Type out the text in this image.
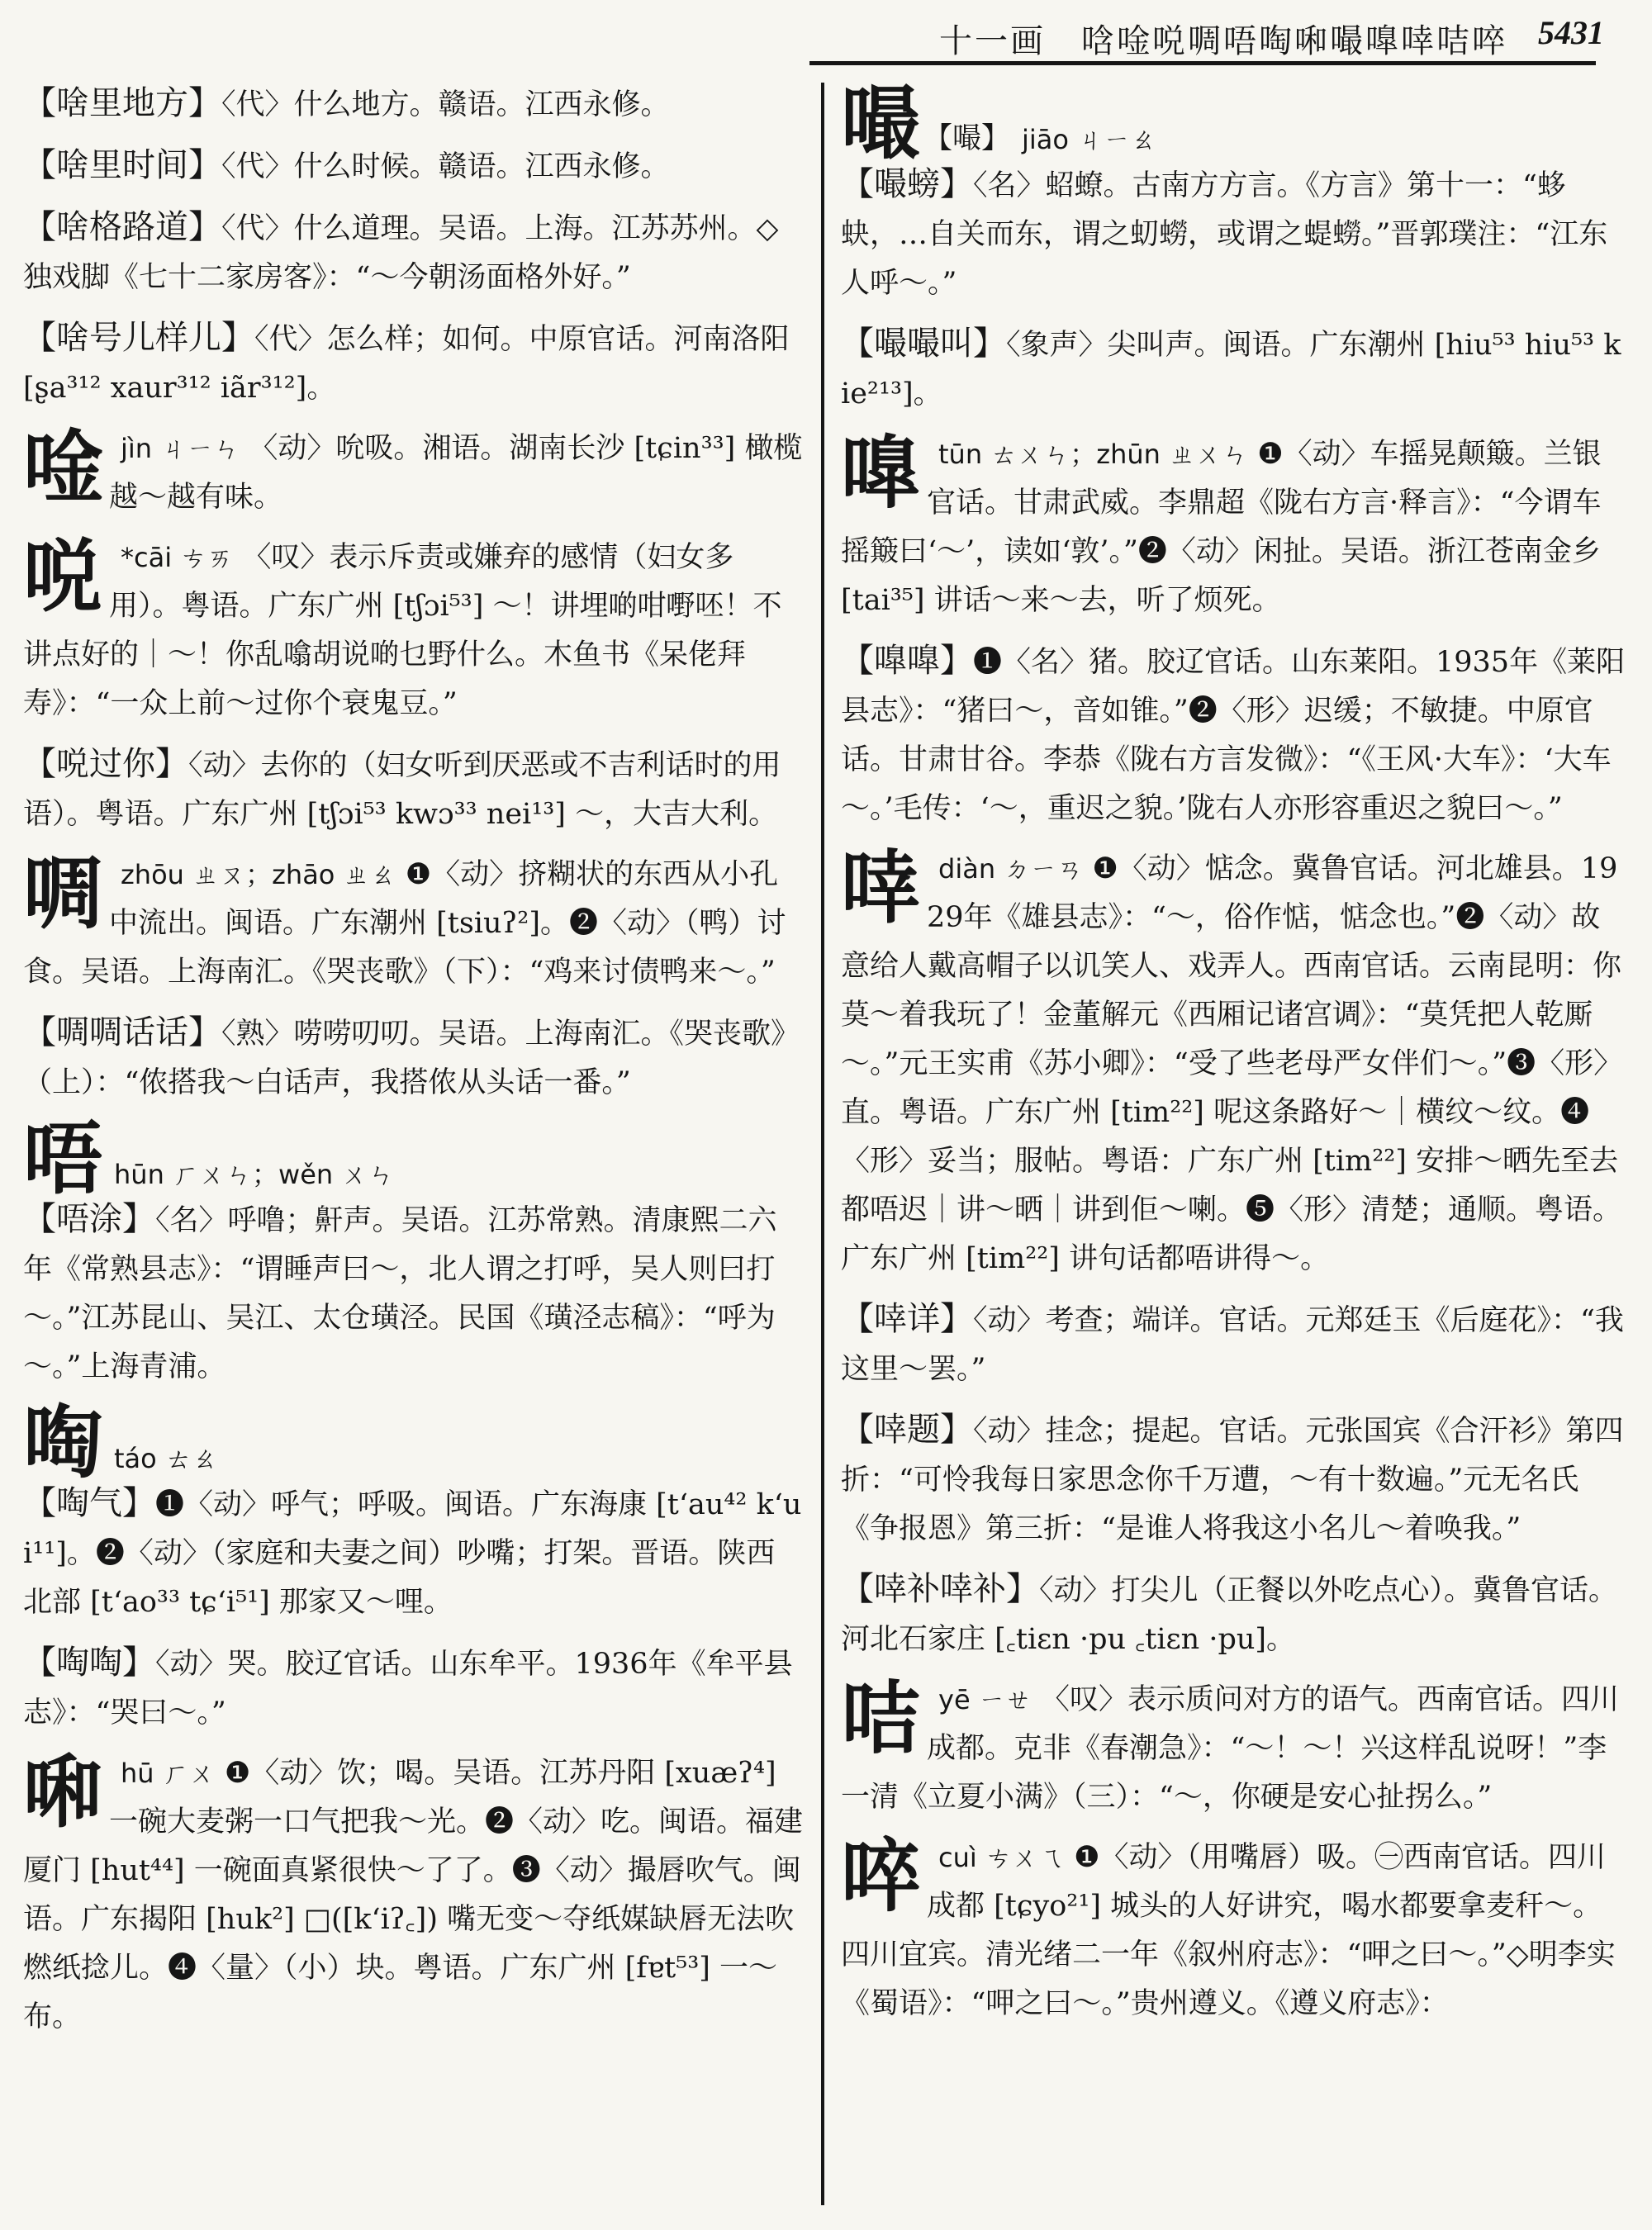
十一画　唅唫哾啁唔啕啝嘬嘷啈咭啐 5431
【啥里地方】〈代〉什么地方。赣语。江西永修。
【啥里时间】〈代〉什么时候。赣语。江西永修。
【啥格路道】〈代〉什么道理。吴语。上海。江苏苏州。◇独戏脚《七十二家房客》：“～今朝汤面格外好。”
【啥号儿样儿】〈代〉怎么样；如何。中原官话。河南洛阳 [ʂa³¹² xaur³¹² iãr³¹²]。
唫jìn ㄐㄧㄣ 〈动〉吮吸。湘语。湖南长沙 [tɕin³³] 橄榄越～越有味。
哾 *cāi ㄘㄞ 〈叹〉表示斥责或嫌弃的感情（妇女多用）。粤语。广东广州 [tʃɔi⁵³] ～！讲埋啲咁嘢呸！不讲点好的｜～！你乱噏胡说啲乜野什么。木鱼书《呆佬拜寿》：“一众上前～过你个衰鬼豆。”
【哾过你】〈动〉去你的（妇女听到厌恶或不吉利话时的用语）。粤语。广东广州 [tʃɔi⁵³ kwɔ³³ nei¹³] ～，大吉大利。
啁zhōu ㄓㄡ；zhāo ㄓㄠ ❶〈动〉挤糊状的东西从小孔中流出。闽语。广东潮州 [tsiuʔ²]。❷〈动〉（鸭）讨食。吴语。上海南汇。《哭丧歌》（下）：“鸡来讨债鸭来～。”
【啁啁话话】〈熟〉唠唠叨叨。吴语。上海南汇。《哭丧歌》（上）：“侬搭我～白话声，我搭侬从头话一番。”
唔 hūn ㄏㄨㄣ；wěn ㄨㄣ
【唔涂】〈名〉呼噜；鼾声。吴语。江苏常熟。清康熙二六年《常熟县志》：“谓睡声曰～，北人谓之打呼，吴人则曰打～。”江苏昆山、吴江、太仓璜泾。民国《璜泾志稿》：“呼为～。”上海青浦。
啕 táo ㄊㄠ
【啕气】❶〈动〉呼气；呼吸。闽语。广东海康 [tʻau⁴² kʻui¹¹]。❷〈动〉（家庭和夫妻之间）吵嘴；打架。晋语。陕西北部 [tʻao³³ tɕʻi⁵¹] 那家又～哩。
【啕啕】〈动〉哭。胶辽官话。山东牟平。1936年《牟平县志》：“哭曰～。”
啝hū ㄏㄨ ❶〈动〉饮；喝。吴语。江苏丹阳 [xuæʔ⁴] 一碗大麦粥一口气把我～光。❷〈动〉吃。闽语。福建厦门 [hut⁴⁴] 一碗面真紧很快～了了。❸〈动〉撮唇吹气。闽语。广东揭阳 [huk²] □([kʻiʔ꜀]) 嘴无变～夺纸媒缺唇无法吹燃纸捻儿。❹〈量〉（小）块。粤语。广东广州 [fɐt⁵³] 一～布。
嘬 【嘬】 jiāo ㄐㄧㄠ
【嘬螃】〈名〉蛁蟟。古南方方言。《方言》第十一：“蛥蚗，…自关而东，谓之虭蟧，或谓之蝭蟧。”晋郭璞注：“江东人呼～。”
【嘬嘬叫】〈象声〉尖叫声。闽语。广东潮州 [hiu⁵³ hiu⁵³ kie²¹³]。
嘷tūn ㄊㄨㄣ；zhūn ㄓㄨㄣ ❶〈动〉车摇晃颠簸。兰银官话。甘肃武威。李鼎超《陇右方言·释言》：“今谓车摇簸曰‘～’，读如‘敦’。”❷〈动〉闲扯。吴语。浙江苍南金乡 [tai³⁵] 讲话～来～去，听了烦死。
【嘷嘷】❶〈名〉猪。胶辽官话。山东莱阳。1935年《莱阳县志》：“猪曰～，音如锥。”❷〈形〉迟缓；不敏捷。中原官话。甘肃甘谷。李恭《陇右方言发微》：“《王风·大车》：‘大车～。’毛传：‘～，重迟之貌。’陇右人亦形容重迟之貌曰～。”
啈diàn ㄉㄧㄢ ❶〈动〉惦念。冀鲁官话。河北雄县。1929年《雄县志》：“～，俗作惦，惦念也。”❷〈动〉故意给人戴高帽子以讥笑人、戏弄人。西南官话。云南昆明：你莫～着我玩了！金董解元《西厢记诸宫调》：“莫凭把人乾厮～。”元王实甫《苏小卿》：“受了些老母严女伴们～。”❸〈形〉直。粤语。广东广州 [tim²²] 呢这条路好～｜横纹～纹。❹〈形〉妥当；服帖。粤语：广东广州 [tim²²] 安排～晒先至去都唔迟｜讲～晒｜讲到佢～喇。❺〈形〉清楚；通顺。粤语。广东广州 [tim²²] 讲句话都唔讲得～。
【啈详】〈动〉考查；端详。官话。元郑廷玉《后庭花》：“我这里～罢。”
【啈题】〈动〉挂念；提起。官话。元张国宾《合汗衫》第四折：“可怜我每日家思念你千万遭，～有十数遍。”元无名氏《争报恩》第三折：“是谁人将我这小名儿～着唤我。”
【啈补啈补】〈动〉打尖儿（正餐以外吃点心）。冀鲁官话。河北石家庄 [꜀tiɛn ·pu ꜀tiɛn ·pu]。
咭yē ㄧㄝ 〈叹〉表示质问对方的语气。西南官话。四川成都。克非《春潮急》：“～！～！兴这样乱说呀！”李一清《立夏小满》（三）：“～，你硬是安心扯拐么。”
啐cuì ㄘㄨㄟ ❶〈动〉（用嘴唇）吸。㊀西南官话。四川成都 [tɕyo²¹] 城头的人好讲究，喝水都要拿麦秆～。四川宜宾。清光绪二一年《叙州府志》：“呷之曰～。”◇明李实《蜀语》：“呷之曰～。”贵州遵义。《遵义府志》：
